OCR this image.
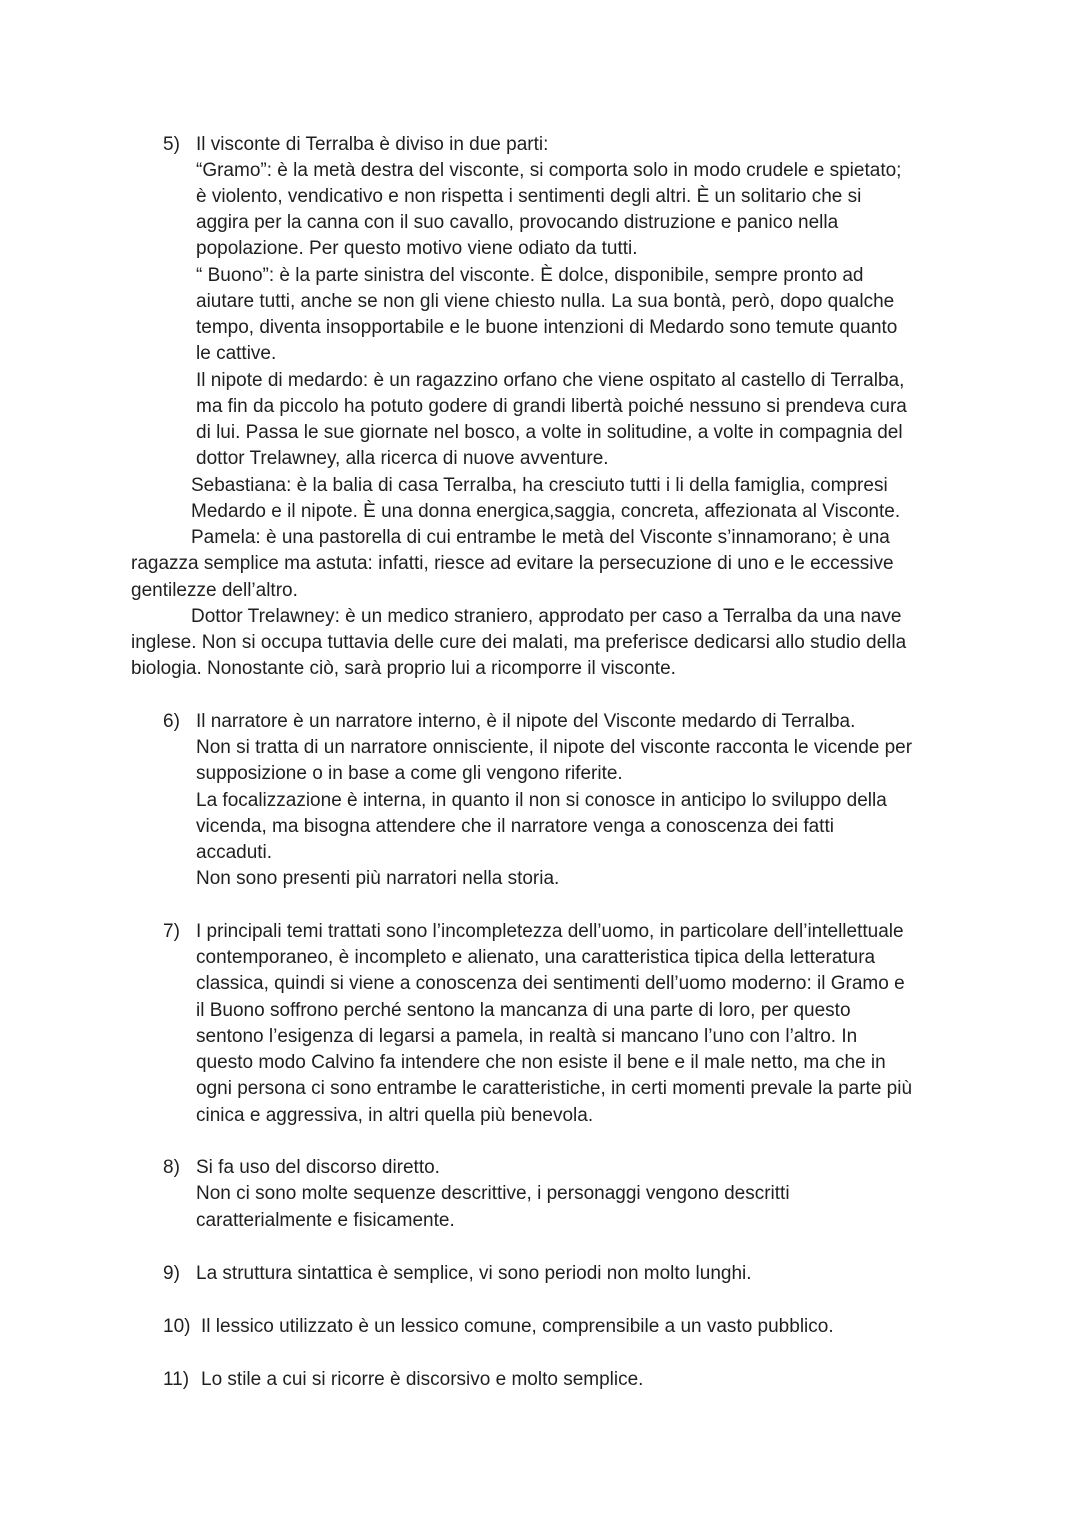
5) Il visconte di Terralba è diviso in due parti:
“Gramo”: è la metà destra del visconte, si comporta solo in modo crudele e spietato;
è violento, vendicativo e non rispetta i sentimenti degli altri. È un solitario che si
aggira per la canna con il suo cavallo, provocando distruzione e panico nella
popolazione. Per questo motivo viene odiato da tutti.
“ Buono”: è la parte sinistra del visconte. È dolce, disponibile, sempre pronto ad
aiutare tutti, anche se non gli viene chiesto nulla. La sua bontà, però, dopo qualche
tempo, diventa insopportabile e le buone intenzioni di Medardo sono temute quanto
le cattive.
Il nipote di medardo: è un ragazzino orfano che viene ospitato al castello di Terralba,
ma fin da piccolo ha potuto godere di grandi libertà poiché nessuno si prendeva cura
di lui. Passa le sue giornate nel bosco, a volte in solitudine, a volte in compagnia del
dottor Trelawney, alla ricerca di nuove avventure.
Sebastiana: è la balia di casa Terralba, ha cresciuto tutti i li della famiglia, compresi
Medardo e il nipote. È una donna energica,saggia, concreta, affezionata al Visconte.
Pamela: è una pastorella di cui entrambe le metà del Visconte s’innamorano; è una
ragazza semplice ma astuta: infatti, riesce ad evitare la persecuzione di uno e le eccessive
gentilezze dell’altro.
Dottor Trelawney: è un medico straniero, approdato per caso a Terralba da una nave
inglese. Non si occupa tuttavia delle cure dei malati, ma preferisce dedicarsi allo studio della
biologia. Nonostante ciò, sarà proprio lui a ricomporre il visconte.
6) Il narratore è un narratore interno, è il nipote del Visconte medardo di Terralba.
Non si tratta di un narratore onnisciente, il nipote del visconte racconta le vicende per
supposizione o in base a come gli vengono riferite.
La focalizzazione è interna, in quanto il non si conosce in anticipo lo sviluppo della
vicenda, ma bisogna attendere che il narratore venga a conoscenza dei fatti
accaduti.
Non sono presenti più narratori nella storia.
7) I principali temi trattati sono l’incompletezza dell’uomo, in particolare dell’intellettuale
contemporaneo, è incompleto e alienato, una caratteristica tipica della letteratura
classica, quindi si viene a conoscenza dei sentimenti dell’uomo moderno: il Gramo e
il Buono soffrono perché sentono la mancanza di una parte di loro, per questo
sentono l’esigenza di legarsi a pamela, in realtà si mancano l’uno con l’altro. In
questo modo Calvino fa intendere che non esiste il bene e il male netto, ma che in
ogni persona ci sono entrambe le caratteristiche, in certi momenti prevale la parte più
cinica e aggressiva, in altri quella più benevola.
8) Si fa uso del discorso diretto.
Non ci sono molte sequenze descrittive, i personaggi vengono descritti
caratterialmente e fisicamente.
9) La struttura sintattica è semplice, vi sono periodi non molto lunghi.
10) Il lessico utilizzato è un lessico comune, comprensibile a un vasto pubblico.
11) Lo stile a cui si ricorre è discorsivo e molto semplice.
